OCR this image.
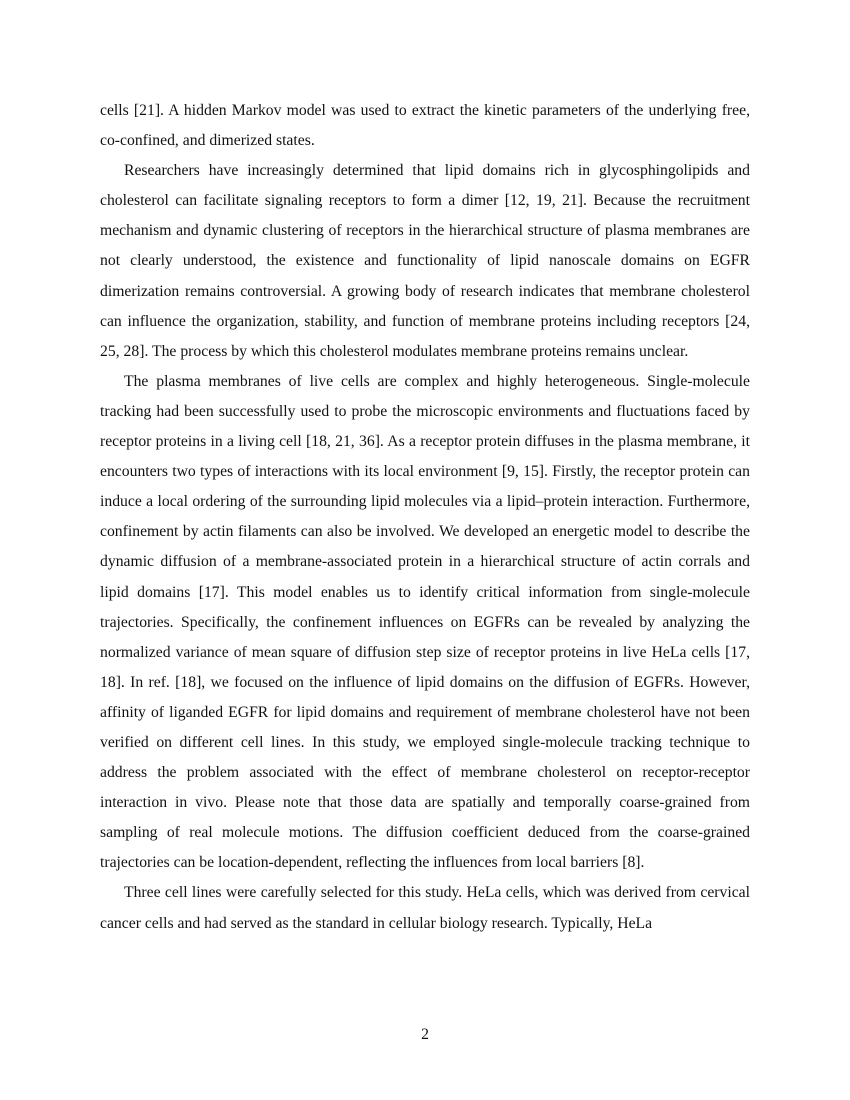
cells [21]. A hidden Markov model was used to extract the kinetic parameters of the underlying free, co-confined, and dimerized states.

Researchers have increasingly determined that lipid domains rich in glycosphingolipids and cholesterol can facilitate signaling receptors to form a dimer [12, 19, 21]. Because the recruitment mechanism and dynamic clustering of receptors in the hierarchical structure of plasma membranes are not clearly understood, the existence and functionality of lipid nanoscale domains on EGFR dimerization remains controversial. A growing body of research indicates that membrane cholesterol can influence the organization, stability, and function of membrane proteins including receptors [24, 25, 28]. The process by which this cholesterol modulates membrane proteins remains unclear.

The plasma membranes of live cells are complex and highly heterogeneous. Single-molecule tracking had been successfully used to probe the microscopic environments and fluctuations faced by receptor proteins in a living cell [18, 21, 36]. As a receptor protein diffuses in the plasma membrane, it encounters two types of interactions with its local environment [9, 15]. Firstly, the receptor protein can induce a local ordering of the surrounding lipid molecules via a lipid–protein interaction. Furthermore, confinement by actin filaments can also be involved. We developed an energetic model to describe the dynamic diffusion of a membrane-associated protein in a hierarchical structure of actin corrals and lipid domains [17]. This model enables us to identify critical information from single-molecule trajectories. Specifically, the confinement influences on EGFRs can be revealed by analyzing the normalized variance of mean square of diffusion step size of receptor proteins in live HeLa cells [17, 18]. In ref. [18], we focused on the influence of lipid domains on the diffusion of EGFRs. However, affinity of liganded EGFR for lipid domains and requirement of membrane cholesterol have not been verified on different cell lines. In this study, we employed single-molecule tracking technique to address the problem associated with the effect of membrane cholesterol on receptor-receptor interaction in vivo. Please note that those data are spatially and temporally coarse-grained from sampling of real molecule motions. The diffusion coefficient deduced from the coarse-grained trajectories can be location-dependent, reflecting the influences from local barriers [8].

Three cell lines were carefully selected for this study. HeLa cells, which was derived from cervical cancer cells and had served as the standard in cellular biology research. Typically, HeLa

2
